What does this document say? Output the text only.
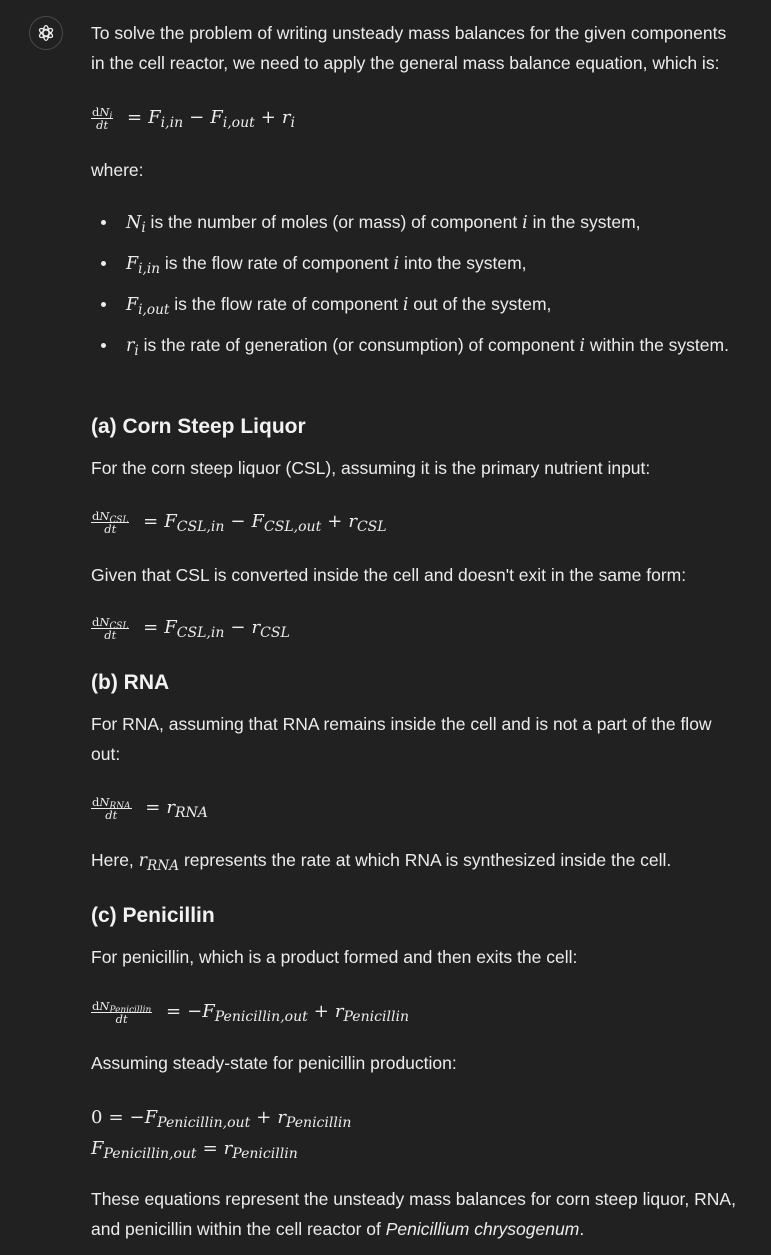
To solve the problem of writing unsteady mass balances for the given components in the cell reactor, we need to apply the general mass balance equation, which is:

$\frac{dN_i}{dt} = F_{i,in} - F_{i,out} + r_i$

where:

$N_i$ is the number of moles (or mass) of component i in the system,
$F_{i,in}$ is the flow rate of component i into the system,
$F_{i,out}$ is the flow rate of component i out of the system,
$r_i$ is the rate of generation (or consumption) of component i within the system.
(a) Corn Steep Liquor

For the corn steep liquor (CSL), assuming it is the primary nutrient input:

$\frac{dN_{CSL}}{dt} = F_{CSL,in} - F_{CSL,out} + r_{CSL}$

Given that CSL is converted inside the cell and doesn't exit in the same form:

$\frac{dN_{CSL}}{dt} = F_{CSL,in} - r_{CSL}$
(b) RNA

For RNA, assuming that RNA remains inside the cell and is not a part of the flow out:

$\frac{dN_{RNA}}{dt} = r_{RNA}$

Here, $r_{RNA}$ represents the rate at which RNA is synthesized inside the cell.

(c) Penicillin

For penicillin, which is a product formed and then exits the cell:

$\frac{dN_{Penicillin}}{dt} = -F_{Penicillin,out} + r_{Penicillin}$

Assuming steady-state for penicillin production:

$0 = -F_{Penicillin,out} + r_{Penicillin}$
$F_{Penicillin,out} = r_{Penicillin}$

These equations represent the unsteady mass balances for corn steep liquor, RNA, and penicillin within the cell reactor of Penicillium chrysogenum.
